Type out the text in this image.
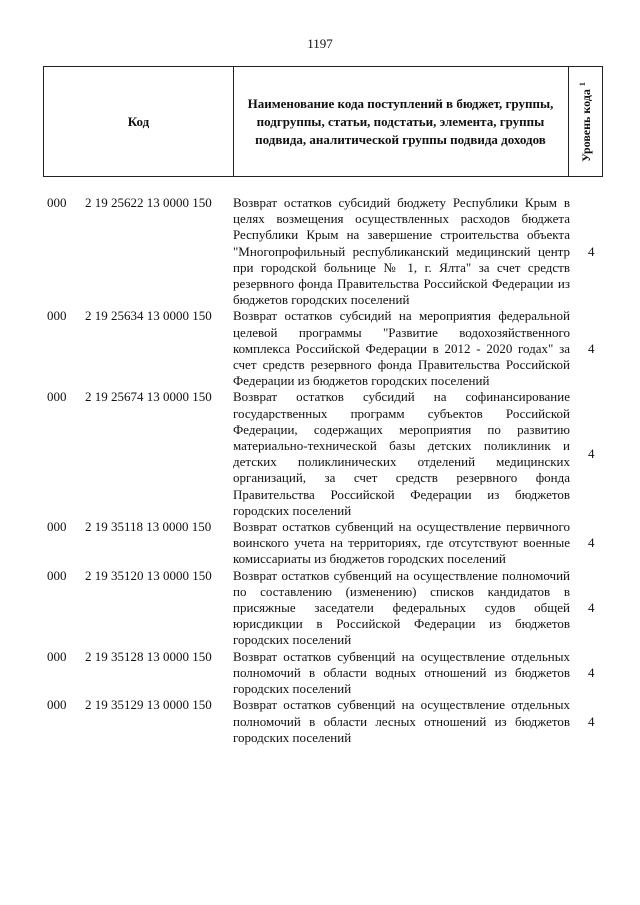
1197
Код
Наименование кода поступлений в бюджет, группы, подгруппы, статьи, подстатьи, элемента, группы подвида, аналитической группы подвида доходов	Уровень кода $^1$
000 2 19 25622 13 0000 150 Возврат остатков субсидий бюджету Республики Крым в целях возмещения осуществленных расходов бюджета Республики Крым на завершение строительства объекта "Многопрофильный республиканский медицинский центр при городской больнице № 1, г. Ялта" за счет средств резервного фонда Правительства Российской Федерации из бюджетов городских поселений
4
000 2 19 25634 13 0000 150 Возврат остатков субсидий на мероприятия федеральной целевой программы "Развитие водохозяйственного комплекса Российской Федерации в 2012 - 2020 годах" за счет средств резервного фонда Правительства Российской Федерации из бюджетов городских поселений
4
000 2 19 25674 13 0000 150 Возврат остатков субсидий на софинансирование государственных программ субъектов Российской Федерации, содержащих мероприятия по развитию материально-технической базы детских поликлиник и детских поликлинических отделений медицинских организаций, за счет средств резервного фонда Правительства Российской Федерации из бюджетов городских поселений
4
000 2 19 35118 13 0000 150 Возврат остатков субвенций на осуществление первичного воинского учета на территориях, где отсутствуют военные комиссариаты из бюджетов городских поселений
4
000 2 19 35120 13 0000 150 Возврат остатков субвенций на осуществление полномочий по составлению (изменению) списков кандидатов в присяжные заседатели федеральных судов общей юрисдикции в Российской Федерации из бюджетов городских поселений
4
000 2 19 35128 13 0000 150 Возврат остатков субвенций на осуществление отдельных полномочий в области водных отношений из бюджетов городских поселений
4
000 2 19 35129 13 0000 150 Возврат остатков субвенций на осуществление отдельных полномочий в области лесных отношений из бюджетов городских поселений
4
